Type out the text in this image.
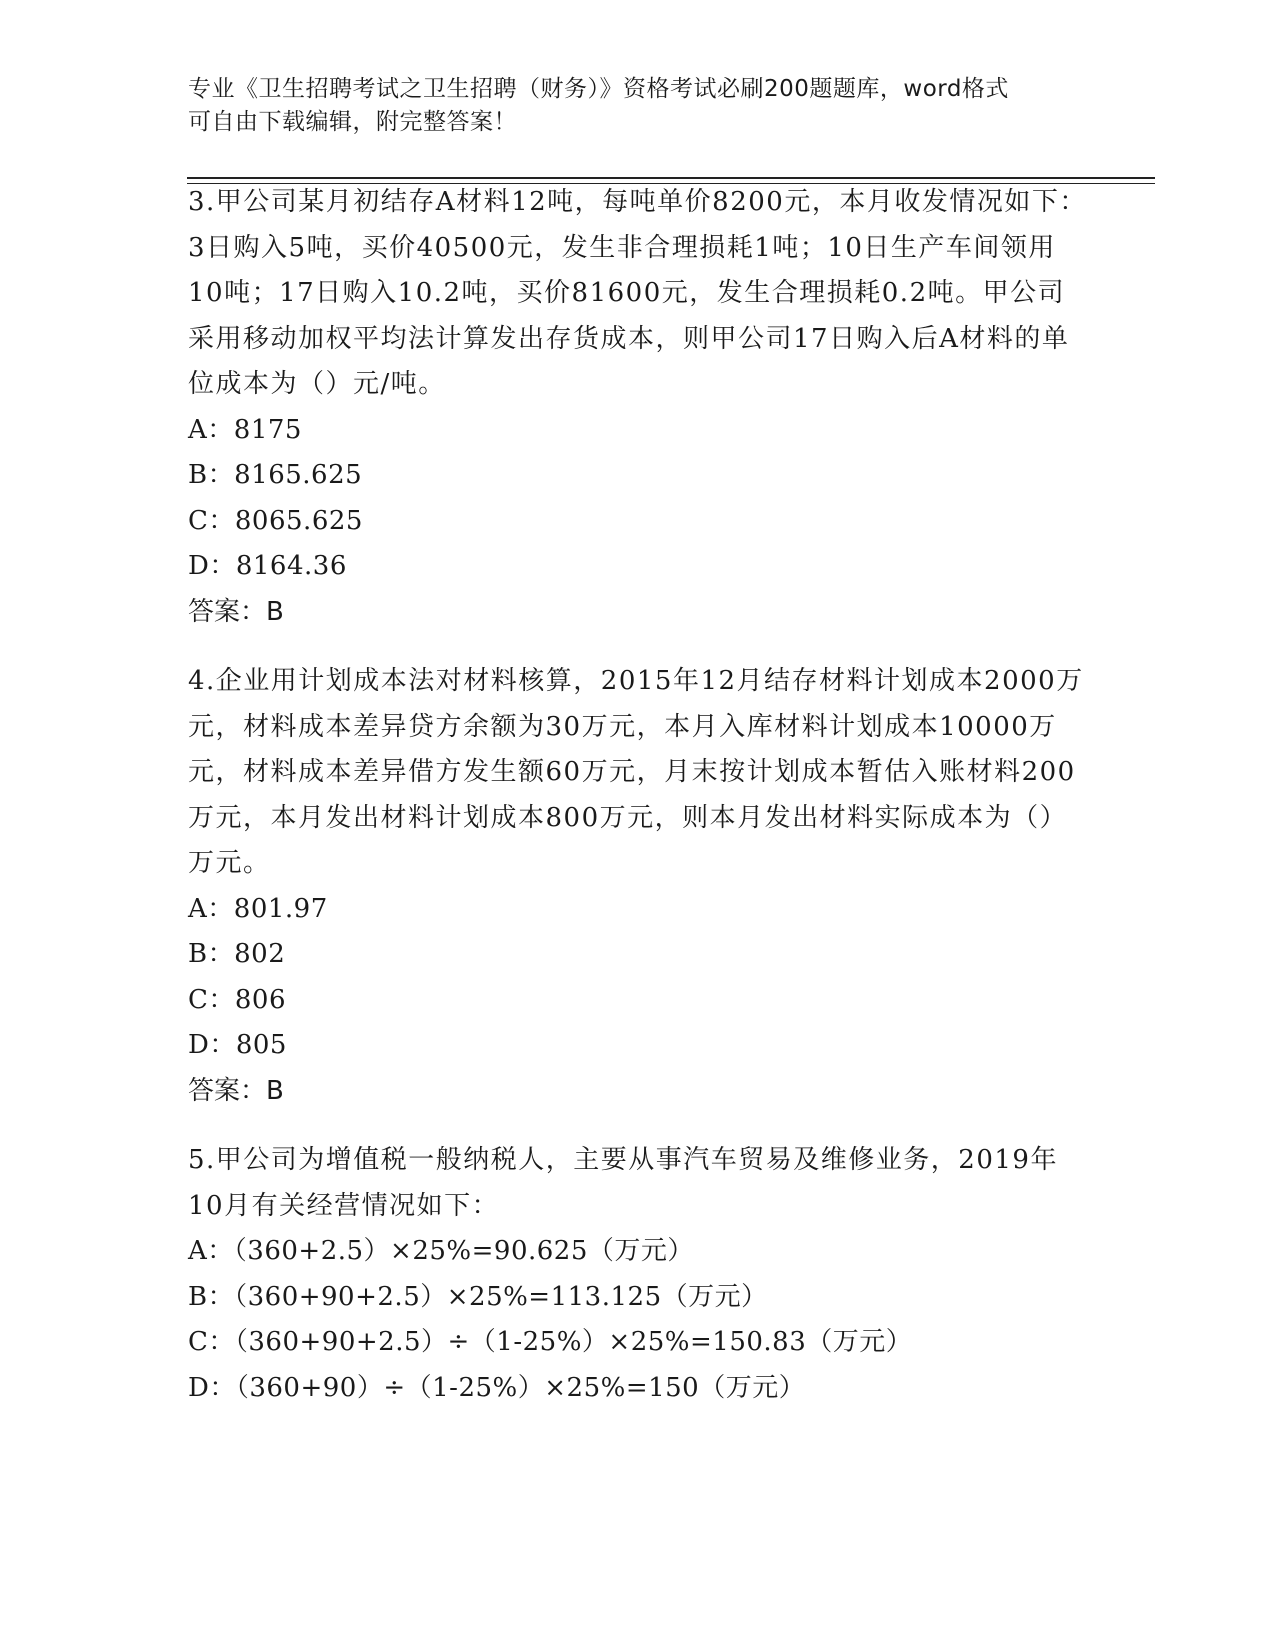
专业《卫生招聘考试之卫生招聘（财务）》资格考试必刷200题题库，word格式
可自由下载编辑，附完整答案！

3.甲公司某月初结存A材料12吨，每吨单价8200元，本月收发情况如下：3日购入5吨，买价40500元，发生非合理损耗1吨；10日生产车间领用10吨；17日购入10.2吨，买价81600元，发生合理损耗0.2吨。甲公司采用移动加权平均法计算发出存货成本，则甲公司17日购入后A材料的单位成本为（）元/吨。

A：8175
B：8165.625
C：8065.625
D：8164.36
答案：B

4.企业用计划成本法对材料核算，2015年12月结存材料计划成本2000万元，材料成本差异贷方余额为30万元，本月入库材料计划成本10000万元，材料成本差异借方发生额60万元，月末按计划成本暂估入账材料200万元，本月发出材料计划成本800万元，则本月发出材料实际成本为（）万元。

A：801.97
B：802
C：806
D：805
答案：B

5.甲公司为增值税一般纳税人，主要从事汽车贸易及维修业务，2019年10月有关经营情况如下：

A：（360+2.5）×25%=90.625（万元）
B：（360+90+2.5）×25%=113.125（万元）
C：（360+90+2.5）÷（1-25%）×25%=150.83（万元）
D：（360+90）÷（1-25%）×25%=150（万元）
